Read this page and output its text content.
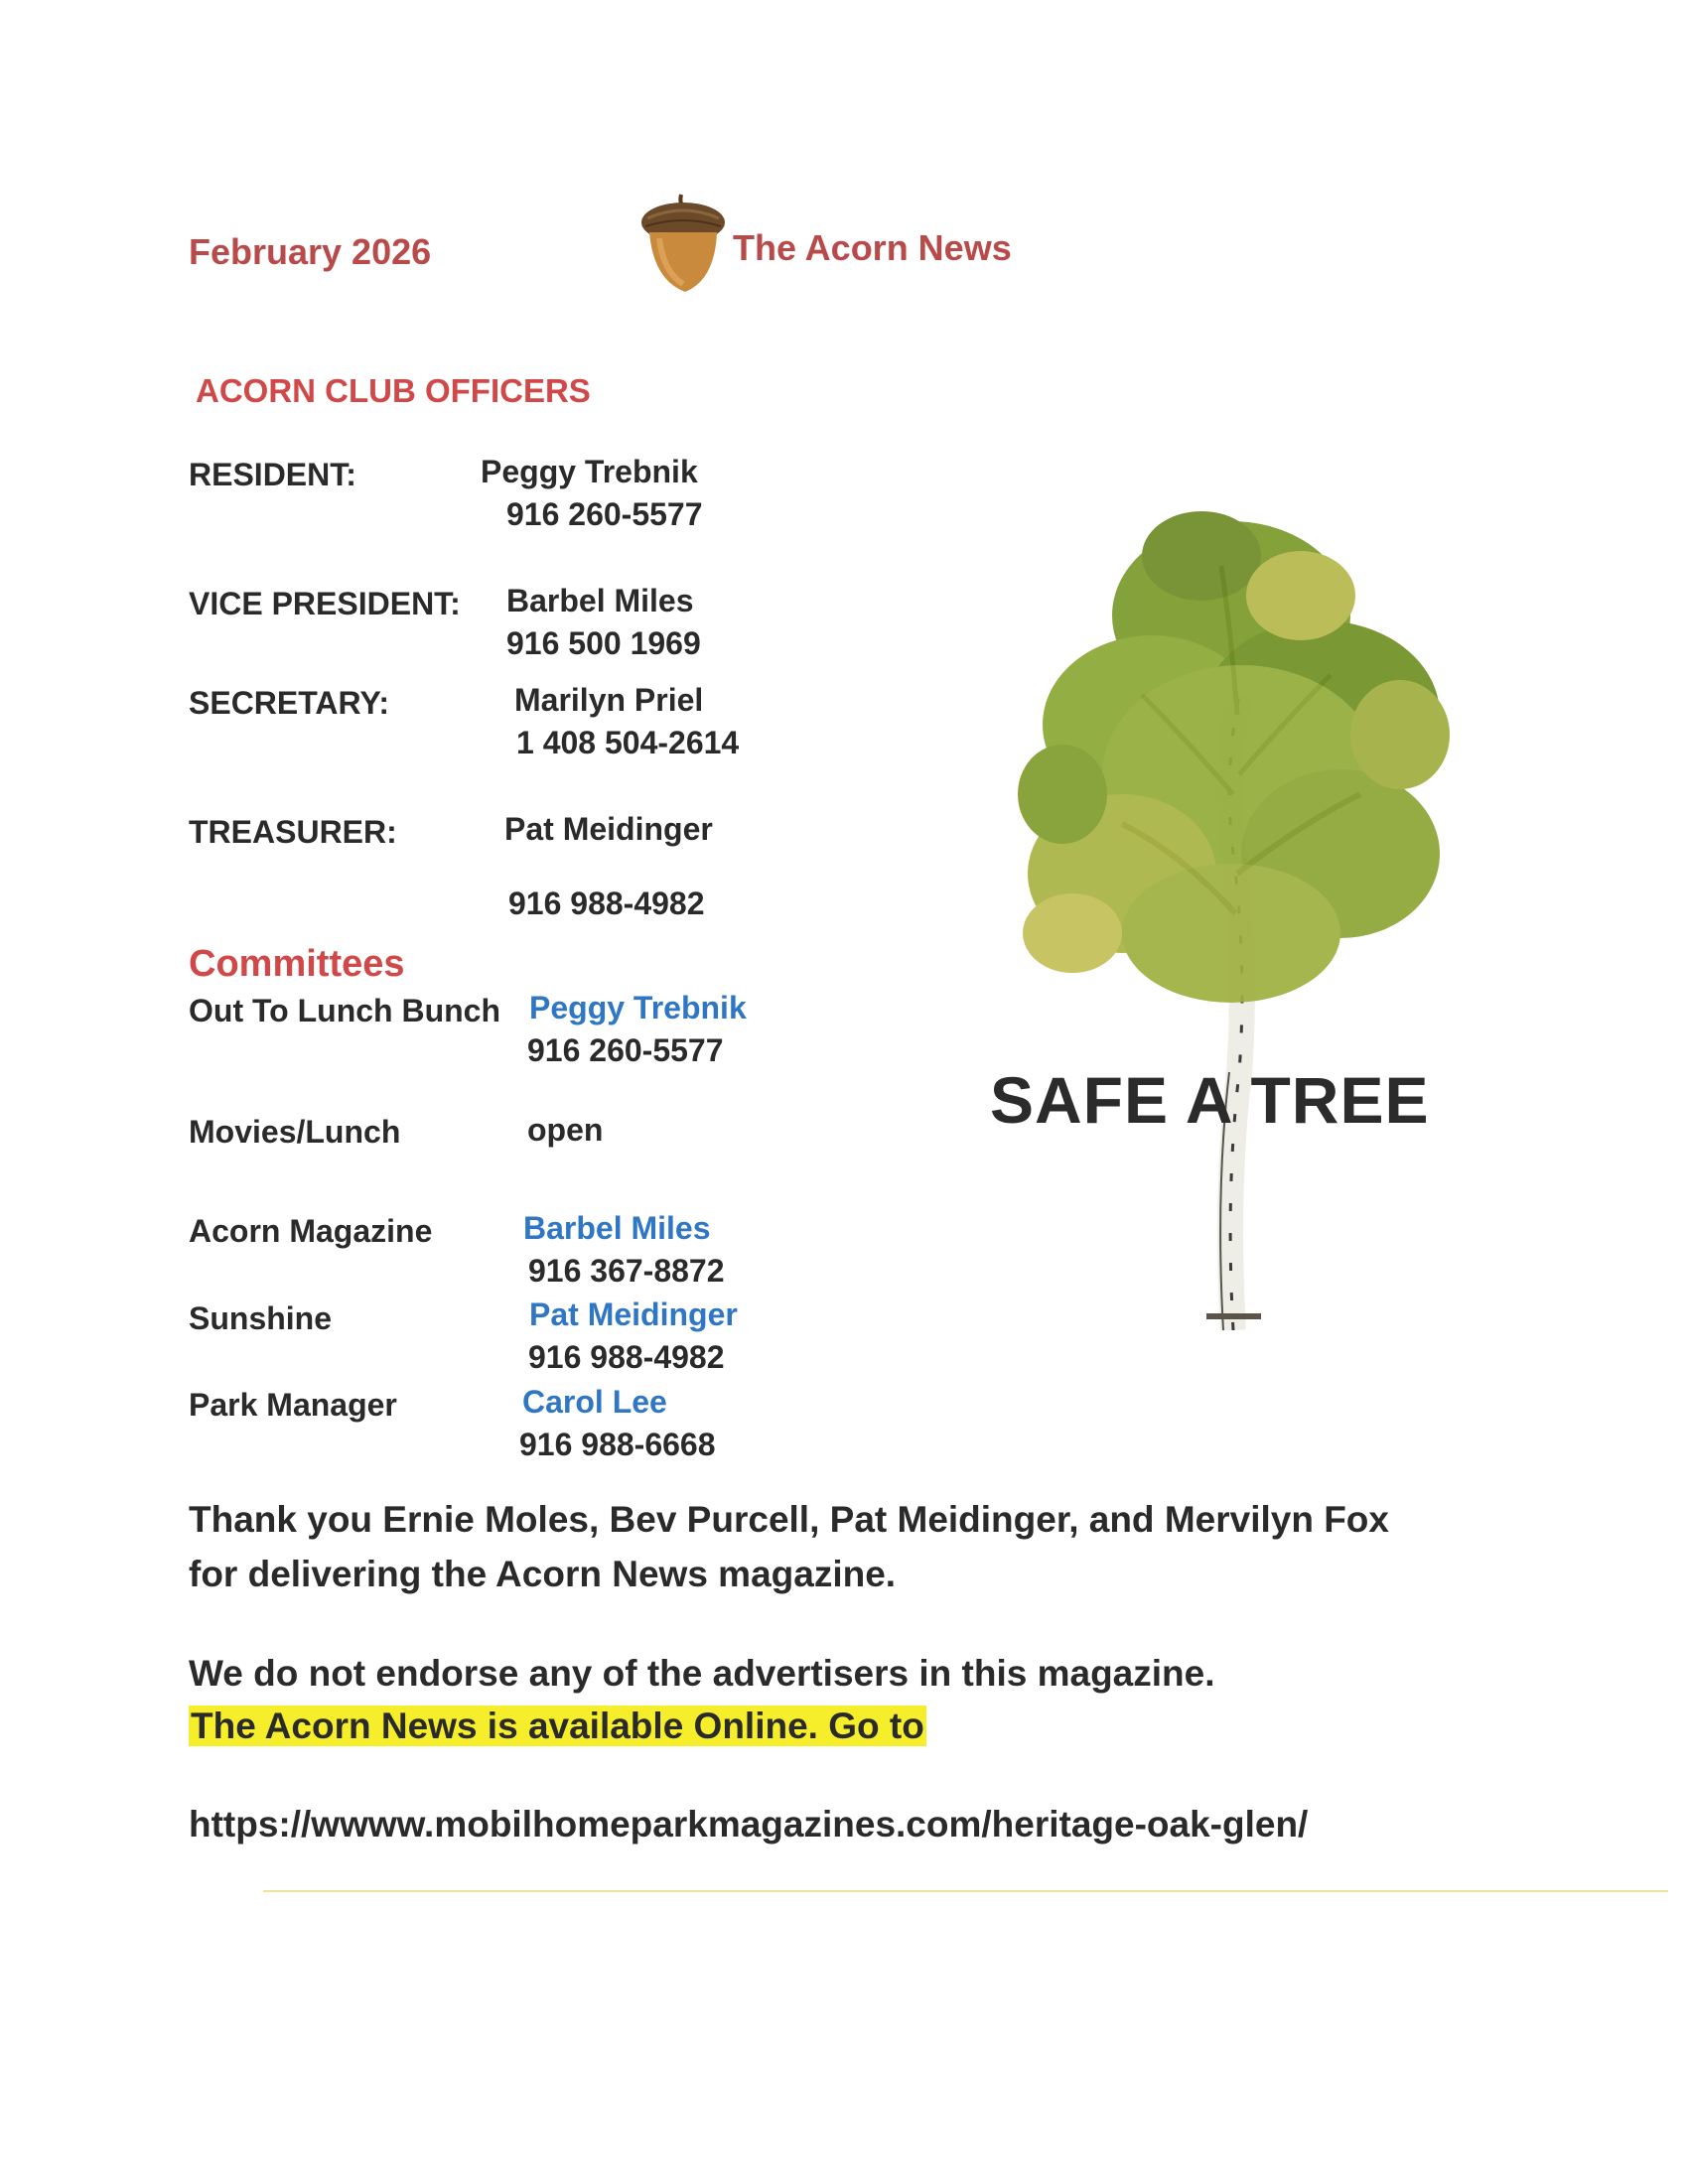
February 2026	The Acorn News
ACORN CLUB OFFICERS
RESIDENT:	Peggy Trebnik
916 260-5577
VICE PRESIDENT: Barbel Miles
916 500 1969
SECRETARY:	Marilyn Priel
1 408 504-2614
TREASURER:	Pat Meidinger
916 988-4982
Committees
Out To Lunch Bunch Peggy Trebnik
916 260-5577
Movies/Lunch	open
Acorn Magazine	Barbel Miles
916 367-8872
Sunshine	Pat Meidinger
916 988-4982
Park Manager	Carol Lee
916 988-6668
SAFE A TREE
Thank you Ernie Moles, Bev Purcell, Pat Meidinger, and Mervilyn Fox
for delivering the Acorn News magazine.
We do not endorse any of the advertisers in this magazine.
The Acorn News is available Online. Go to
https://wwww.mobilhomeparkmagazines.com/heritage-oak-glen/
